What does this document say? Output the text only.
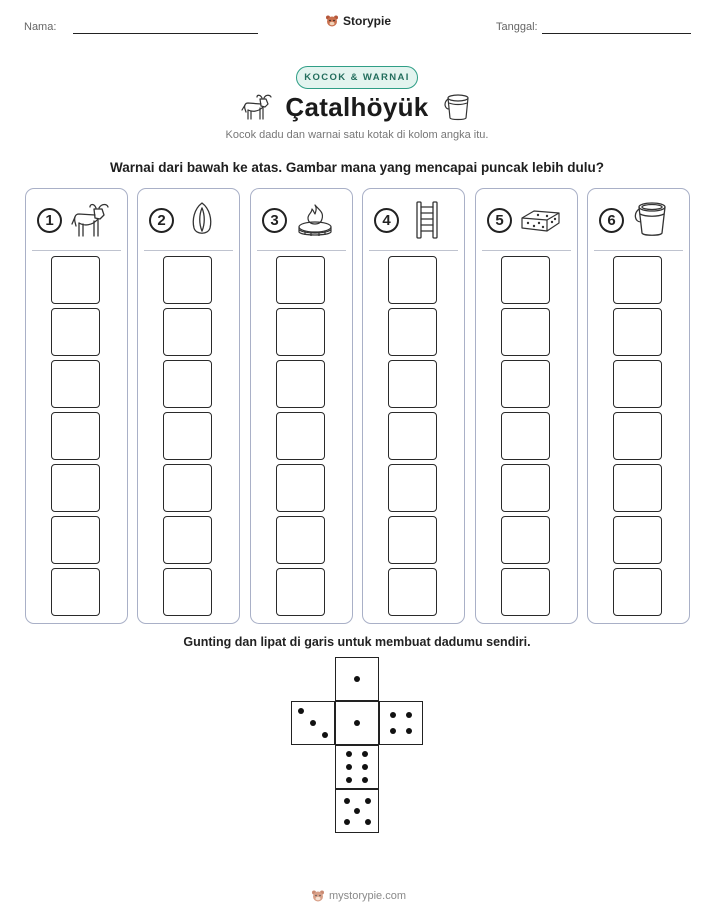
Nama:	Storypie	Tanggal:
KOCOK & WARNAI
Çatalhöyük
Kocok dadu dan warnai satu kotak di kolom angka itu.
Warnai dari bawah ke atas. Gambar mana yang mencapai puncak lebih dulu?
1	2	3	4	5	6
Gunting dan lipat di garis untuk membuat dadumu sendiri.
mystorypie.com
